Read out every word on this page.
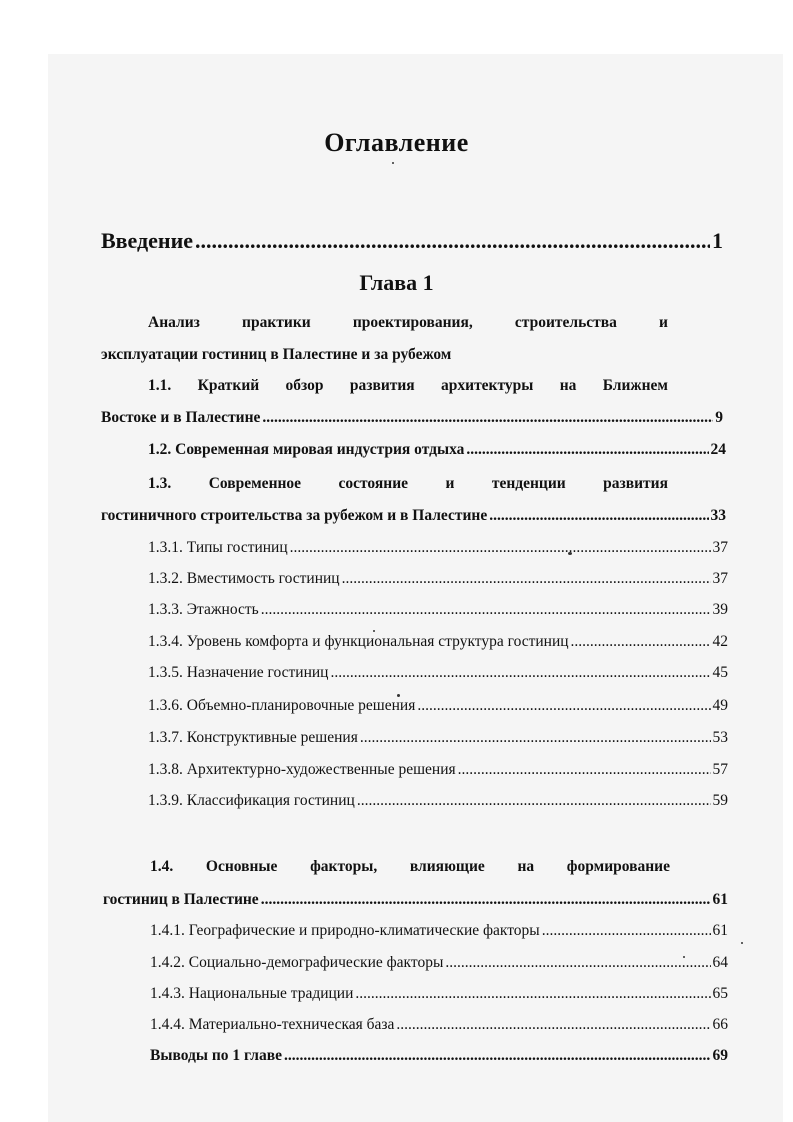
Оглавление
Введение .....	1
Глава 1
Анализ практики проектирования, строительства и
эксплуатации гостиниц в Палестине и за рубежом
1.1. Краткий обзор развития архитектуры на Ближнем
Востоке и в Палестине .....	9
1.2. Современная мировая индустрия отдыха .....	24
1.3. Современное состояние и тенденции развития
гостиничного строительства за рубежом и в Палестине .....	33
1.3.1. Типы гостиниц .....	37
1.3.2. Вместимость гостиниц .....	37
1.3.3. Этажность .....	39
1.3.4. Уровень комфорта и функциональная структура гостиниц .....	42
1.3.5. Назначение гостиниц .....	45
1.3.6. Объемно-планировочные решения .....	49
1.3.7. Конструктивные решения .....	53
1.3.8. Архитектурно-художественные решения .....	57
1.3.9. Классификация гостиниц .....	59
1.4. Основные факторы, влияющие на формирование
гостиниц в Палестине .....	61
1.4.1. Географические и природно-климатические факторы .....	61
1.4.2. Социально-демографические факторы .....	64
1.4.3. Национальные традиции .....	65
1.4.4. Материально-техническая база .....	66
Выводы по 1 главе .....	69
